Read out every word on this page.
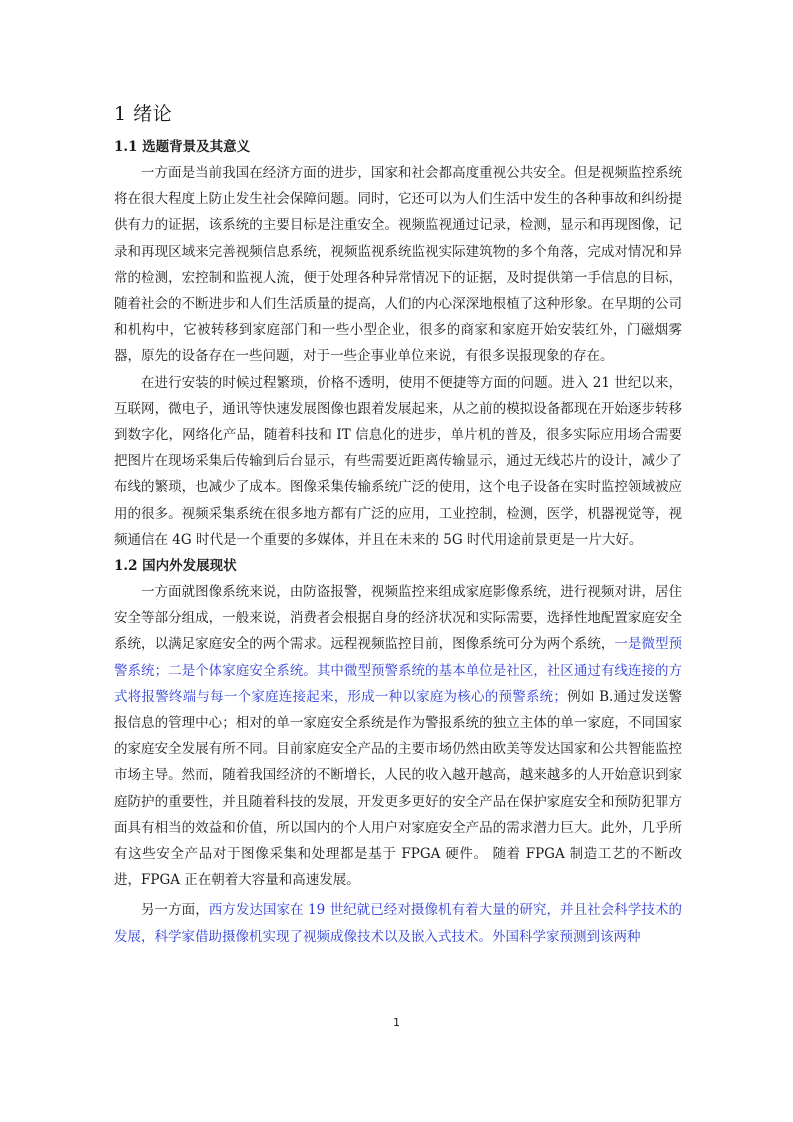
1 绪论
1.1 选题背景及其意义

一方面是当前我国在经济方面的进步，国家和社会都高度重视公共安全。但是视频监控系统将在很大程度上防止发生社会保障问题。同时，它还可以为人们生活中发生的各种事故和纠纷提供有力的证据，该系统的主要目标是注重安全。视频监视通过记录，检测，显示和再现图像，记录和再现区域来完善视频信息系统，视频监视系统监视实际建筑物的多个角落，完成对情况和异常的检测，宏控制和监视人流，便于处理各种异常情况下的证据，及时提供第一手信息的目标，随着社会的不断进步和人们生活质量的提高，人们的内心深深地根植了这种形象。在早期的公司和机构中，它被转移到家庭部门和一些小型企业，很多的商家和家庭开始安装红外，门磁烟雾器，原先的设备存在一些问题，对于一些企事业单位来说，有很多误报现象的存在。

在进行安装的时候过程繁琐，价格不透明，使用不便捷等方面的问题。进入 21 世纪以来，互联网，微电子，通讯等快速发展图像也跟着发展起来，从之前的模拟设备都现在开始逐步转移到数字化，网络化产品，随着科技和 IT 信息化的进步，单片机的普及，很多实际应用场合需要把图片在现场采集后传输到后台显示，有些需要近距离传输显示，通过无线芯片的设计，减少了布线的繁琐，也减少了成本。图像采集传输系统广泛的使用，这个电子设备在实时监控领域被应用的很多。视频采集系统在很多地方都有广泛的应用，工业控制，检测，医学，机器视觉等，视频通信在 4G 时代是一个重要的多媒体，并且在未来的 5G 时代用途前景更是一片大好。

1.2 国内外发展现状

一方面就图像系统来说，由防盗报警，视频监控来组成家庭影像系统，进行视频对讲，居住安全等部分组成，一般来说，消费者会根据自身的经济状况和实际需要，选择性地配置家庭安全系统，以满足家庭安全的两个需求。远程视频监控目前，图像系统可分为两个系统，一是微型预警系统；二是个体家庭安全系统。其中微型预警系统的基本单位是社区，社区通过有线连接的方式将报警终端与每一个家庭连接起来，形成一种以家庭为核心的预警系统；例如 B.通过发送警报信息的管理中心；相对的单一家庭安全系统是作为警报系统的独立主体的单一家庭，不同国家的家庭安全发展有所不同。目前家庭安全产品的主要市场仍然由欧美等发达国家和公共智能监控市场主导。然而，随着我国经济的不断增长，人民的收入越开越高，越来越多的人开始意识到家庭防护的重要性，并且随着科技的发展，开发更多更好的安全产品在保护家庭安全和预防犯罪方面具有相当的效益和价值，所以国内的个人用户对家庭安全产品的需求潜力巨大。此外，几乎所有这些安全产品对于图像采集和处理都是基于 FPGA 硬件。 随着 FPGA 制造工艺的不断改进，FPGA 正在朝着大容量和高速发展。

另一方面，西方发达国家在 19 世纪就已经对摄像机有着大量的研究，并且社会科学技术的发展，科学家借助摄像机实现了视频成像技术以及嵌入式技术。外国科学家预测到该两种

1
